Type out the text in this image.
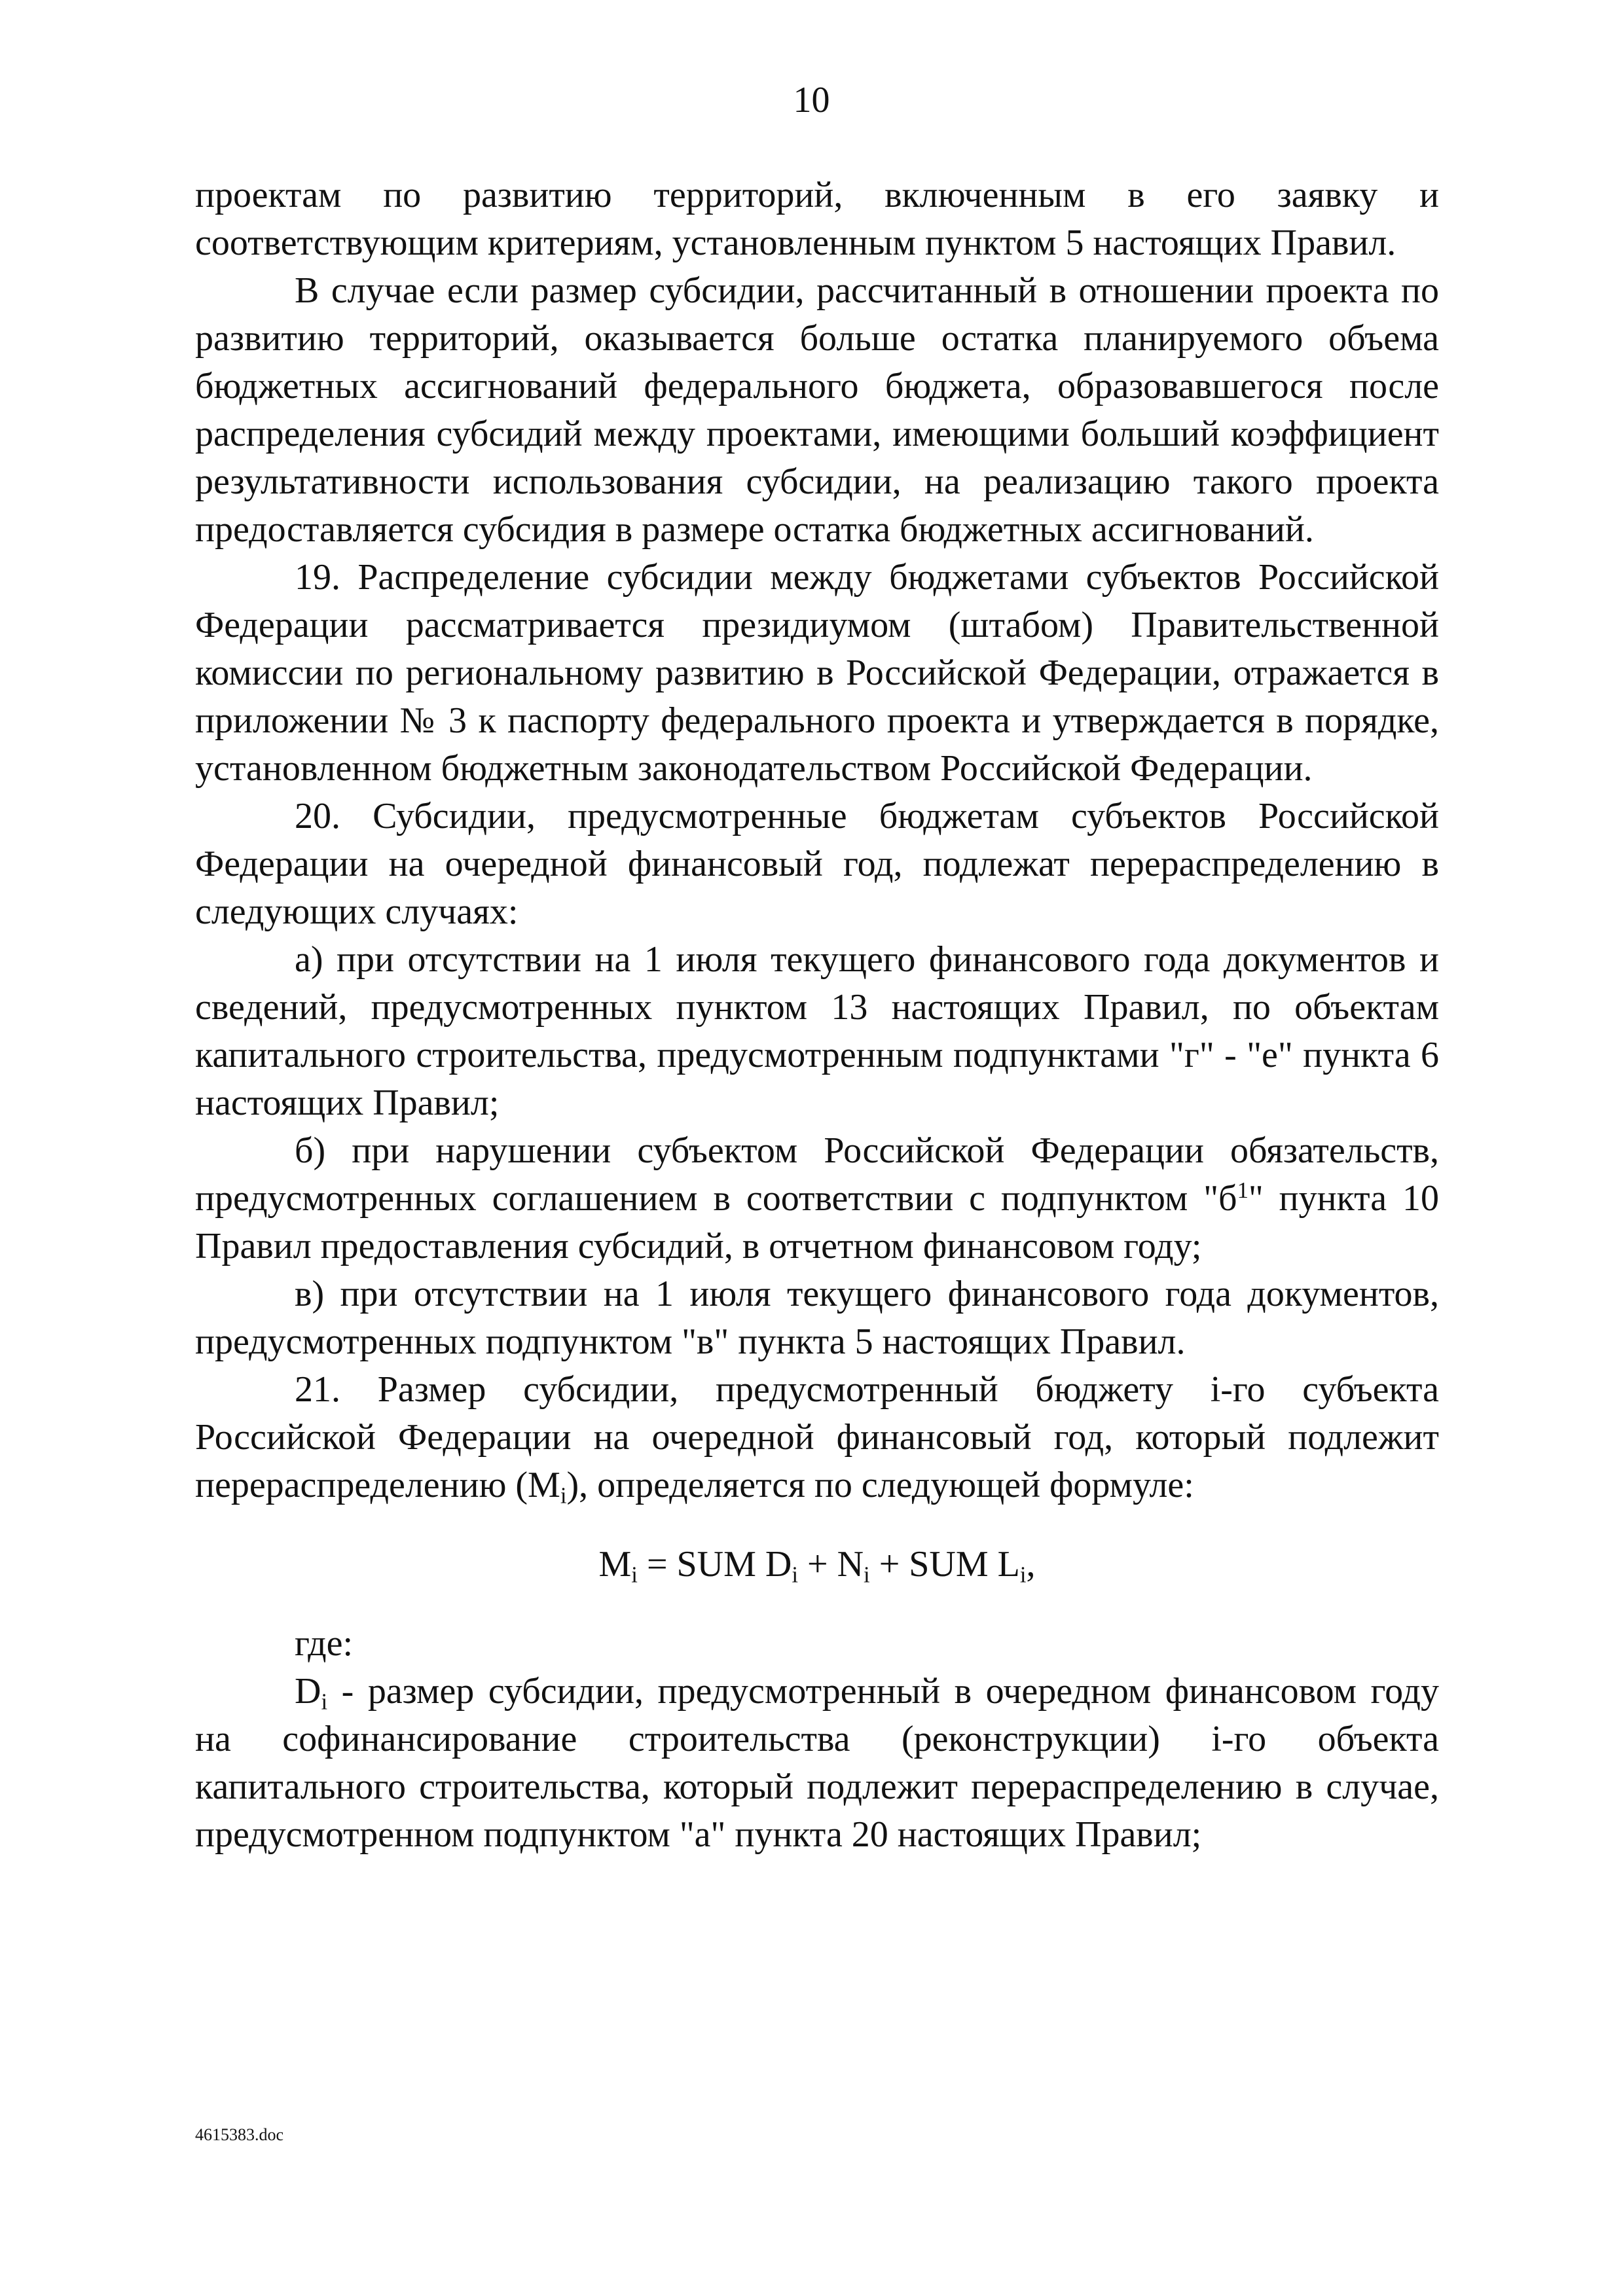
10

проектам по развитию территорий, включенным в его заявку и соответствующим критериям, установленным пунктом 5 настоящих Правил.

В случае если размер субсидии, рассчитанный в отношении проекта по развитию территорий, оказывается больше остатка планируемого объема бюджетных ассигнований федерального бюджета, образовавшегося после распределения субсидий между проектами, имеющими больший коэффициент результативности использования субсидии, на реализацию такого проекта предоставляется субсидия в размере остатка бюджетных ассигнований.

19. Распределение субсидии между бюджетами субъектов Российской Федерации рассматривается президиумом (штабом) Правительственной комиссии по региональному развитию в Российской Федерации, отражается в приложении № 3 к паспорту федерального проекта и утверждается в порядке, установленном бюджетным законодательством Российской Федерации.

20. Субсидии, предусмотренные бюджетам субъектов Российской Федерации на очередной финансовый год, подлежат перераспределению в следующих случаях:

а) при отсутствии на 1 июля текущего финансового года документов и сведений, предусмотренных пунктом 13 настоящих Правил, по объектам капитального строительства, предусмотренным подпунктами "г" - "е" пункта 6 настоящих Правил;

б) при нарушении субъектом Российской Федерации обязательств, предусмотренных соглашением в соответствии с подпунктом "$б^1$" пункта 10 Правил предоставления субсидий, в отчетном финансовом году;

в) при отсутствии на 1 июля текущего финансового года документов, предусмотренных подпунктом "в" пункта 5 настоящих Правил.

21. Размер субсидии, предусмотренный бюджету i-го субъекта Российской Федерации на очередной финансовый год, который подлежит перераспределению $(M_i)$, определяется по следующей формуле:

$M_i$ = SUM $D_i + N_i$ + SUM $L_i$,

где:

$D_i$ - размер субсидии, предусмотренный в очередном финансовом году на софинансирование строительства (реконструкции) i-го объекта капитального строительства, который подлежит перераспределению в случае, предусмотренном подпунктом "а" пункта 20 настоящих Правил;

4615383.doc
